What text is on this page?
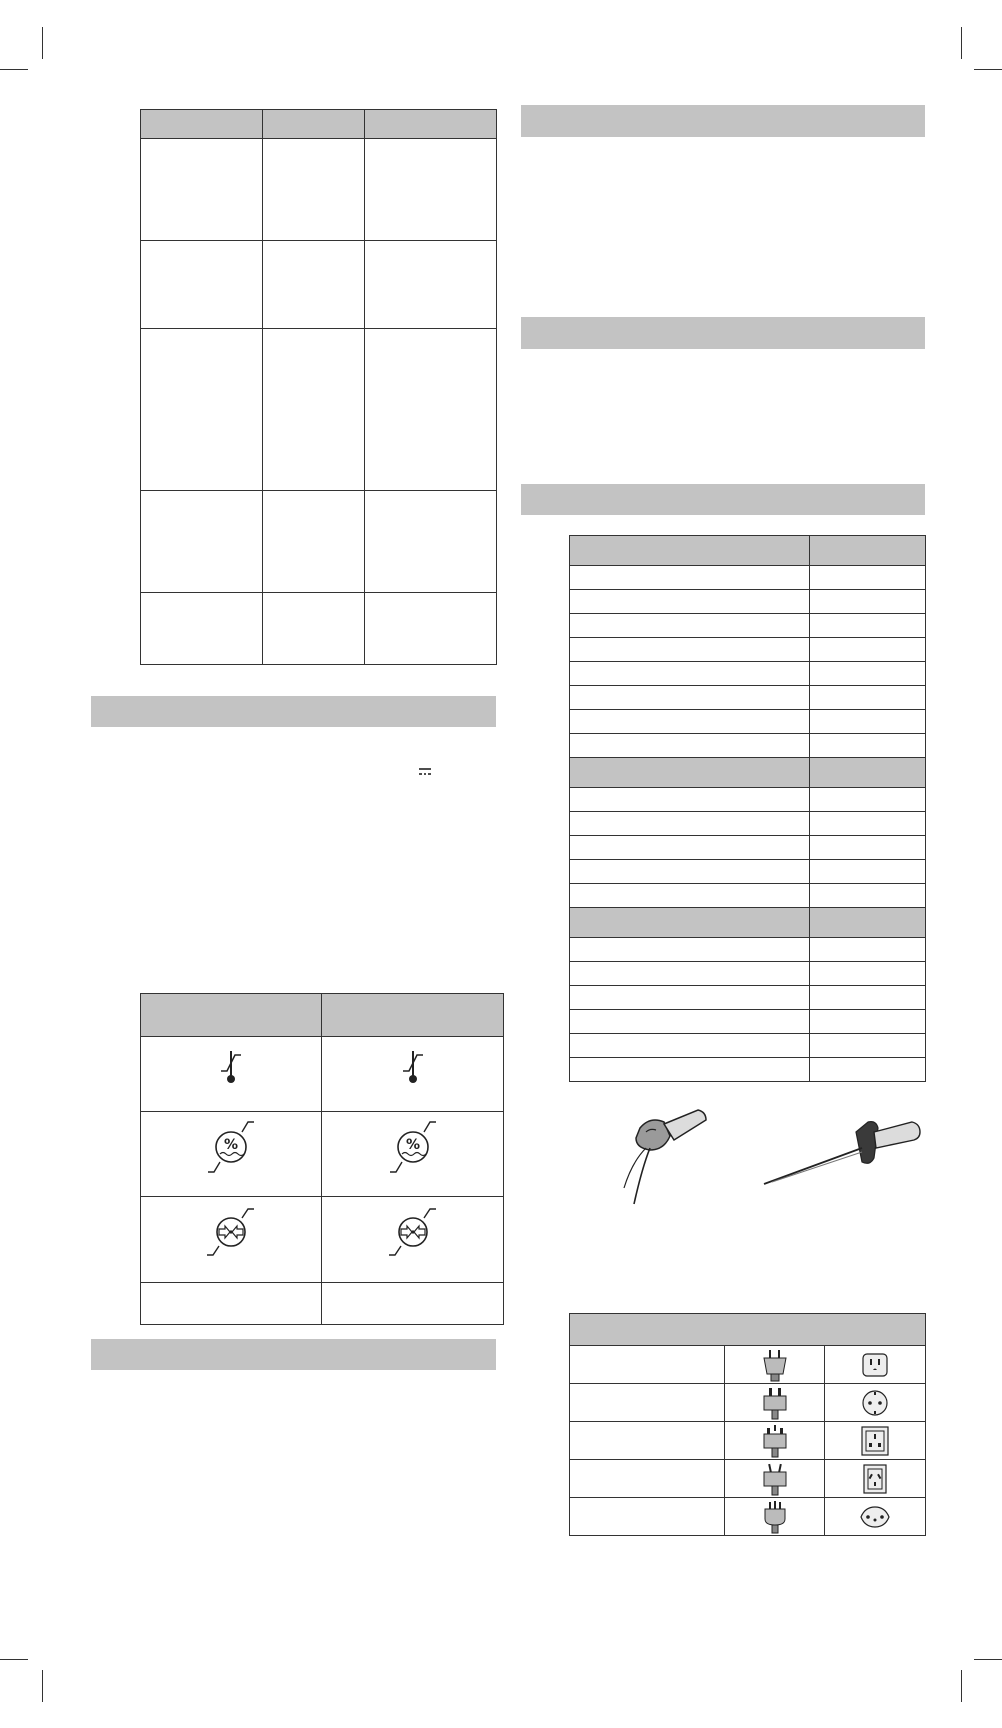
%	%
